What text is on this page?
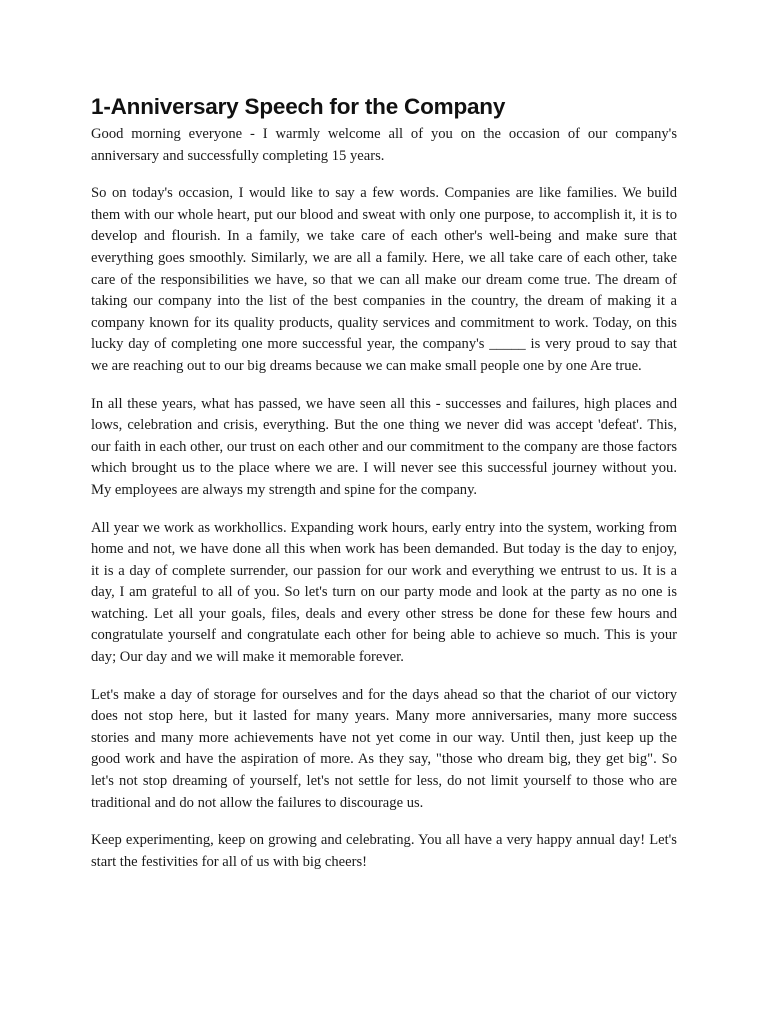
1-Anniversary Speech for the Company

Good morning everyone - I warmly welcome all of you on the occasion of our company's anniversary and successfully completing 15 years.

So on today's occasion, I would like to say a few words. Companies are like families. We build them with our whole heart, put our blood and sweat with only one purpose, to accomplish it, it is to develop and flourish. In a family, we take care of each other's well-being and make sure that everything goes smoothly. Similarly, we are all a family. Here, we all take care of each other, take care of the responsibilities we have, so that we can all make our dream come true. The dream of taking our company into the list of the best companies in the country, the dream of making it a company known for its quality products, quality services and commitment to work. Today, on this lucky day of completing one more successful year, the company's _____ is very proud to say that we are reaching out to our big dreams because we can make small people one by one Are true.

In all these years, what has passed, we have seen all this - successes and failures, high places and lows, celebration and crisis, everything. But the one thing we never did was accept 'defeat'. This, our faith in each other, our trust on each other and our commitment to the company are those factors which brought us to the place where we are. I will never see this successful journey without you. My employees are always my strength and spine for the company.

All year we work as workhollics. Expanding work hours, early entry into the system, working from home and not, we have done all this when work has been demanded. But today is the day to enjoy, it is a day of complete surrender, our passion for our work and everything we entrust to us. It is a day, I am grateful to all of you. So let's turn on our party mode and look at the party as no one is watching. Let all your goals, files, deals and every other stress be done for these few hours and congratulate yourself and congratulate each other for being able to achieve so much. This is your day; Our day and we will make it memorable forever.

Let's make a day of storage for ourselves and for the days ahead so that the chariot of our victory does not stop here, but it lasted for many years. Many more anniversaries, many more success stories and many more achievements have not yet come in our way. Until then, just keep up the good work and have the aspiration of more. As they say, "those who dream big, they get big". So let's not stop dreaming of yourself, let's not settle for less, do not limit yourself to those who are traditional and do not allow the failures to discourage us.

Keep experimenting, keep on growing and celebrating. You all have a very happy annual day! Let's start the festivities for all of us with big cheers!
